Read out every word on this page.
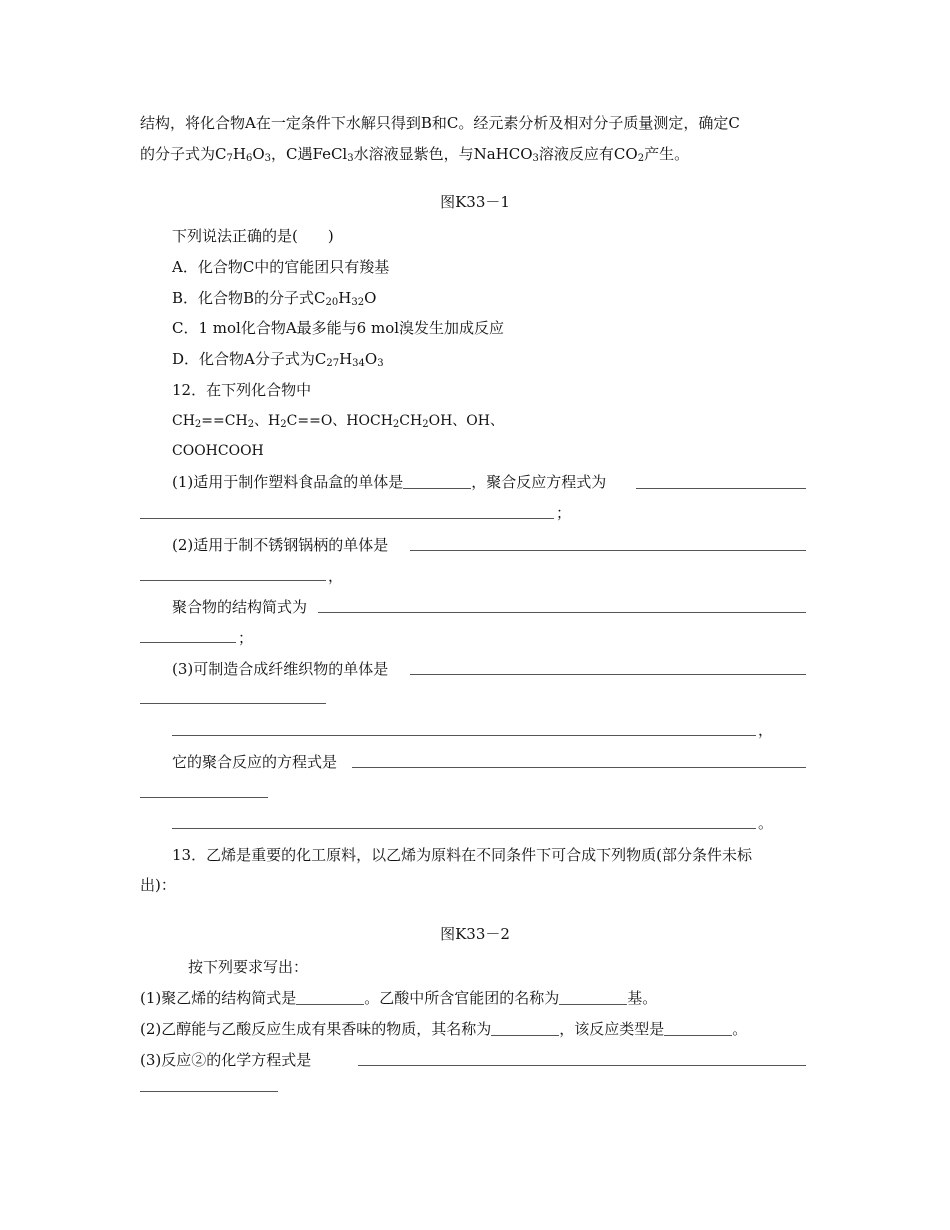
结构，将化合物A在一定条件下水解只得到B和C。经元素分析及相对分子质量测定，确定C
的分子式为$C_7H_6O_3$，C遇FeCl$_3$水溶液显紫色，与NaHCO$_3$溶液反应有$CO_2$产生。
图K33－1
下列说法正确的是(　　)
A．化合物C中的官能团只有羧基
B．化合物B的分子式$C_{20}H_{32}O$
C．1 mol化合物A最多能与6 mol溴发生加成反应
D．化合物A分子式为$C_{27}H_{34}O_3$
12．在下列化合物中
$CH_2==CH_2$、$H_2C==O$、$HOCH_2CH_2OH$、OH、
COOHCOOH
(1)适用于制作塑料食品盒的单体是	，聚合反应方程式为
；
(2)适用于制不锈钢锅柄的单体是
，
聚合物的结构简式为
；
(3)可制造合成纤维织物的单体是
，
它的聚合反应的方程式是
。
13．乙烯是重要的化工原料，以乙烯为原料在不同条件下可合成下列物质(部分条件未标
出)：
图K33－2
按下列要求写出：
(1)聚乙烯的结构简式是	。乙酸中所含官能团的名称为	基。
(2)乙醇能与乙酸反应生成有果香味的物质，其名称为	，该反应类型是	。
(3)反应②的化学方程式是
